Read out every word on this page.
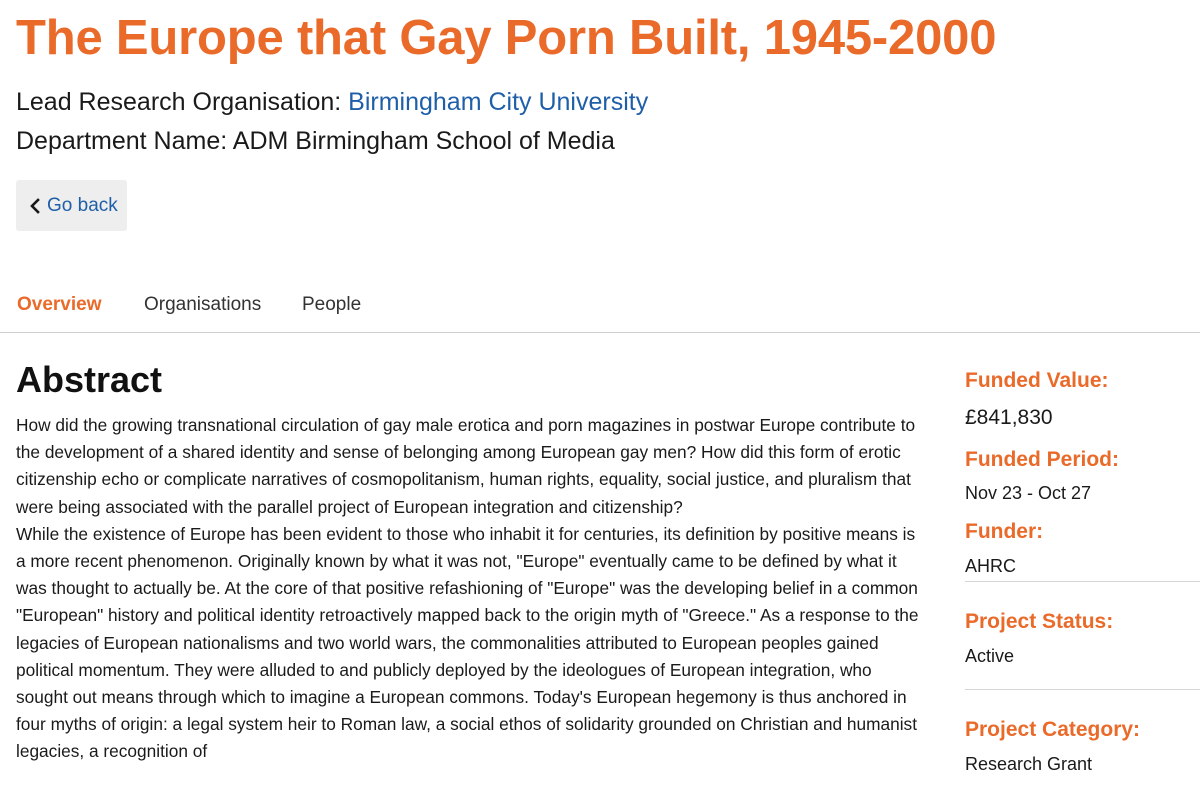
The Europe that Gay Porn Built, 1945-2000
Lead Research Organisation: Birmingham City University
Department Name: ADM Birmingham School of Media
Go back
Overview Organisations People
Abstract

How did the growing transnational circulation of gay male erotica and porn magazines in postwar Europe contribute to the development of a shared identity and sense of belonging among European gay men? How did this form of erotic citizenship echo or complicate narratives of cosmopolitanism, human rights, equality, social justice, and pluralism that were being associated with the parallel project of European integration and citizenship?

While the existence of Europe has been evident to those who inhabit it for centuries, its definition by positive means is a more recent phenomenon. Originally known by what it was not, "Europe" eventually came to be defined by what it was thought to actually be. At the core of that positive refashioning of "Europe" was the developing belief in a common "European" history and political identity retroactively mapped back to the origin myth of "Greece." As a response to the legacies of European nationalisms and two world wars, the commonalities attributed to European peoples gained political momentum. They were alluded to and publicly deployed by the ideologues of European integration, who sought out means through which to imagine a European commons. Today's European hegemony is thus anchored in four myths of origin: a legal system heir to Roman law, a social ethos of solidarity grounded on Christian and humanist legacies, a recognition of

Funded Value:
£841,830
Funded Period:
Nov 23 - Oct 27
Funder:
AHRC
Project Status:
Active
Project Category:
Research Grant
